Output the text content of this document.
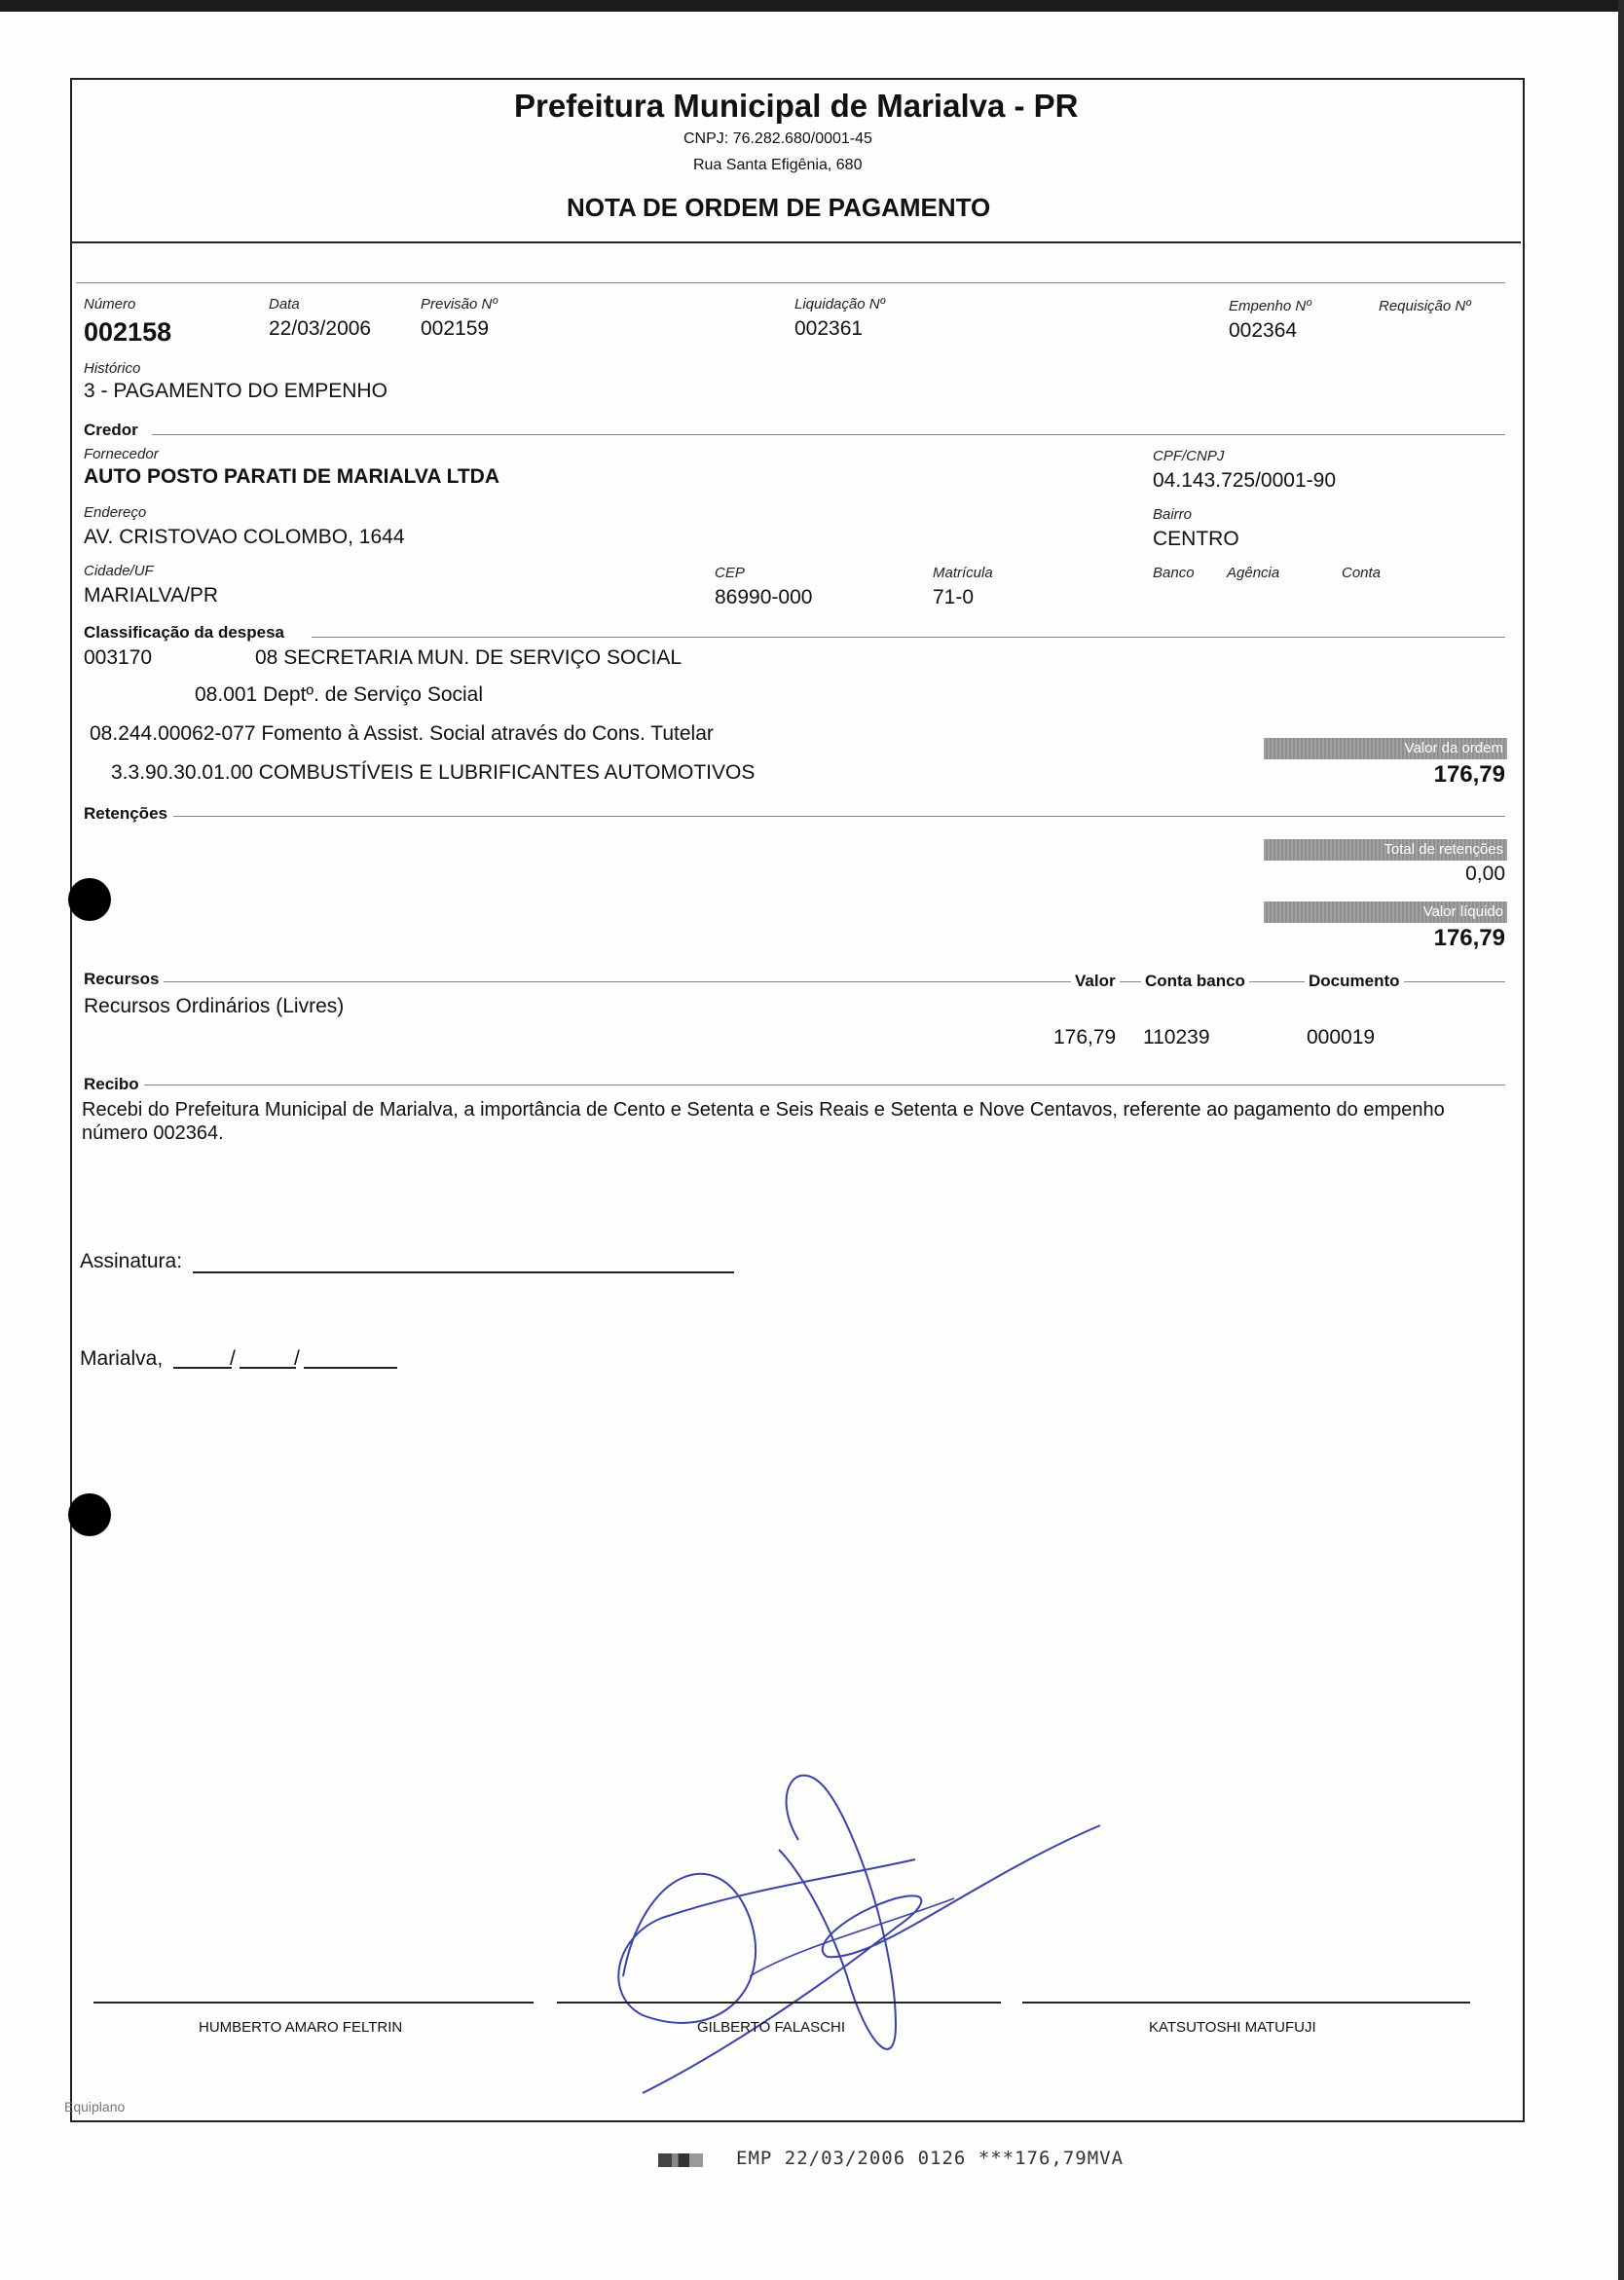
Prefeitura Municipal de Marialva - PR
CNPJ: 76.282.680/0001-45
Rua Santa Efigênia, 680
NOTA DE ORDEM DE PAGAMENTO
Número
002158
Data
22/03/2006
Previsão Nº
002159
Liquidação Nº
002361
Empenho Nº
002364
Requisição Nº
Histórico
3 - PAGAMENTO DO EMPENHO
Credor
Fornecedor
AUTO POSTO PARATI DE MARIALVA LTDA
CPF/CNPJ
04.143.725/0001-90
Endereço
AV. CRISTOVAO COLOMBO, 1644
Bairro
CENTRO
Cidade/UF
MARIALVA/PR
CEP
86990-000
Matrícula
71-0
Banco Agência	Conta
Classificação da despesa
003170	08 SECRETARIA MUN. DE SERVIÇO SOCIAL
08.001 Deptº. de Serviço Social
08.244.00062-077 Fomento à Assist. Social através do Cons. Tutelar
3.3.90.30.01.00 COMBUSTÍVEIS E LUBRIFICANTES AUTOMOTIVOS
Valor da ordem
176,79
Retenções
Total de retenções
0,00
Valor líquido
176,79
Recursos	Valor Conta banco	Documento
Recursos Ordinários (Livres)
176,79 110239	000019
Recibo
Recebi do Prefeitura Municipal de Marialva, a importância de Cento e Setenta e Seis Reais e Setenta e Nove Centavos, referente ao pagamento do empenho número 002364.
Assinatura:
Marialva,	/	/
HUMBERTO AMARO FELTRIN	GILBERTO FALASCHI	KATSUTOSHI MATUFUJI
Equiplano
EMP 22/03/2006 0126 ***176,79MVA
